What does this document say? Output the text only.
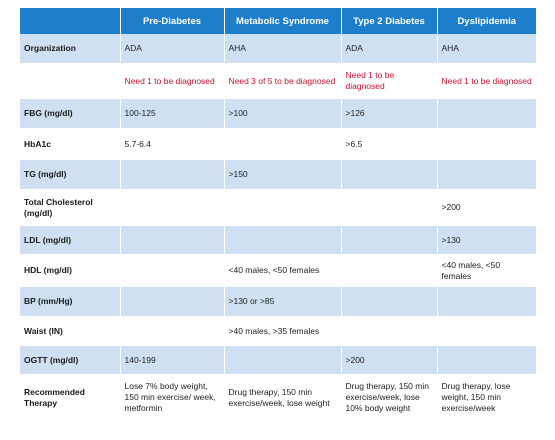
	Pre-Diabetes	Metabolic Syndrome	Type 2 Diabetes	Dyslipidemia
Organization	ADA	AHA	ADA	AHA
	Need 1 to be diagnosed	Need 3 of 5 to be diagnosed	Need 1 to be diagnosed	Need 1 to be diagnosed
FBG (mg/dl)	100-125	>100	>126	
HbA1c	5.7-6.4		>6.5	
TG (mg/dl)		>150		
Total Cholesterol (mg/dl)				>200
LDL (mg/dl)				>130
HDL (mg/dl)		<40 males, <50 females		<40 males, <50 females
BP (mm/Hg)		>130 or >85		
Waist (IN)		>40 males, >35 females		
OGTT (mg/dl)	140-199		>200	
Recommended Therapy	Lose 7% body weight, 150 min exercise/ week, metformin	Drug therapy, 150 min exercise/week, lose weight	Drug therapy, 150 min exercise/week, lose 10% body weight	Drug therapy, lose weight, 150 min exercise/week
